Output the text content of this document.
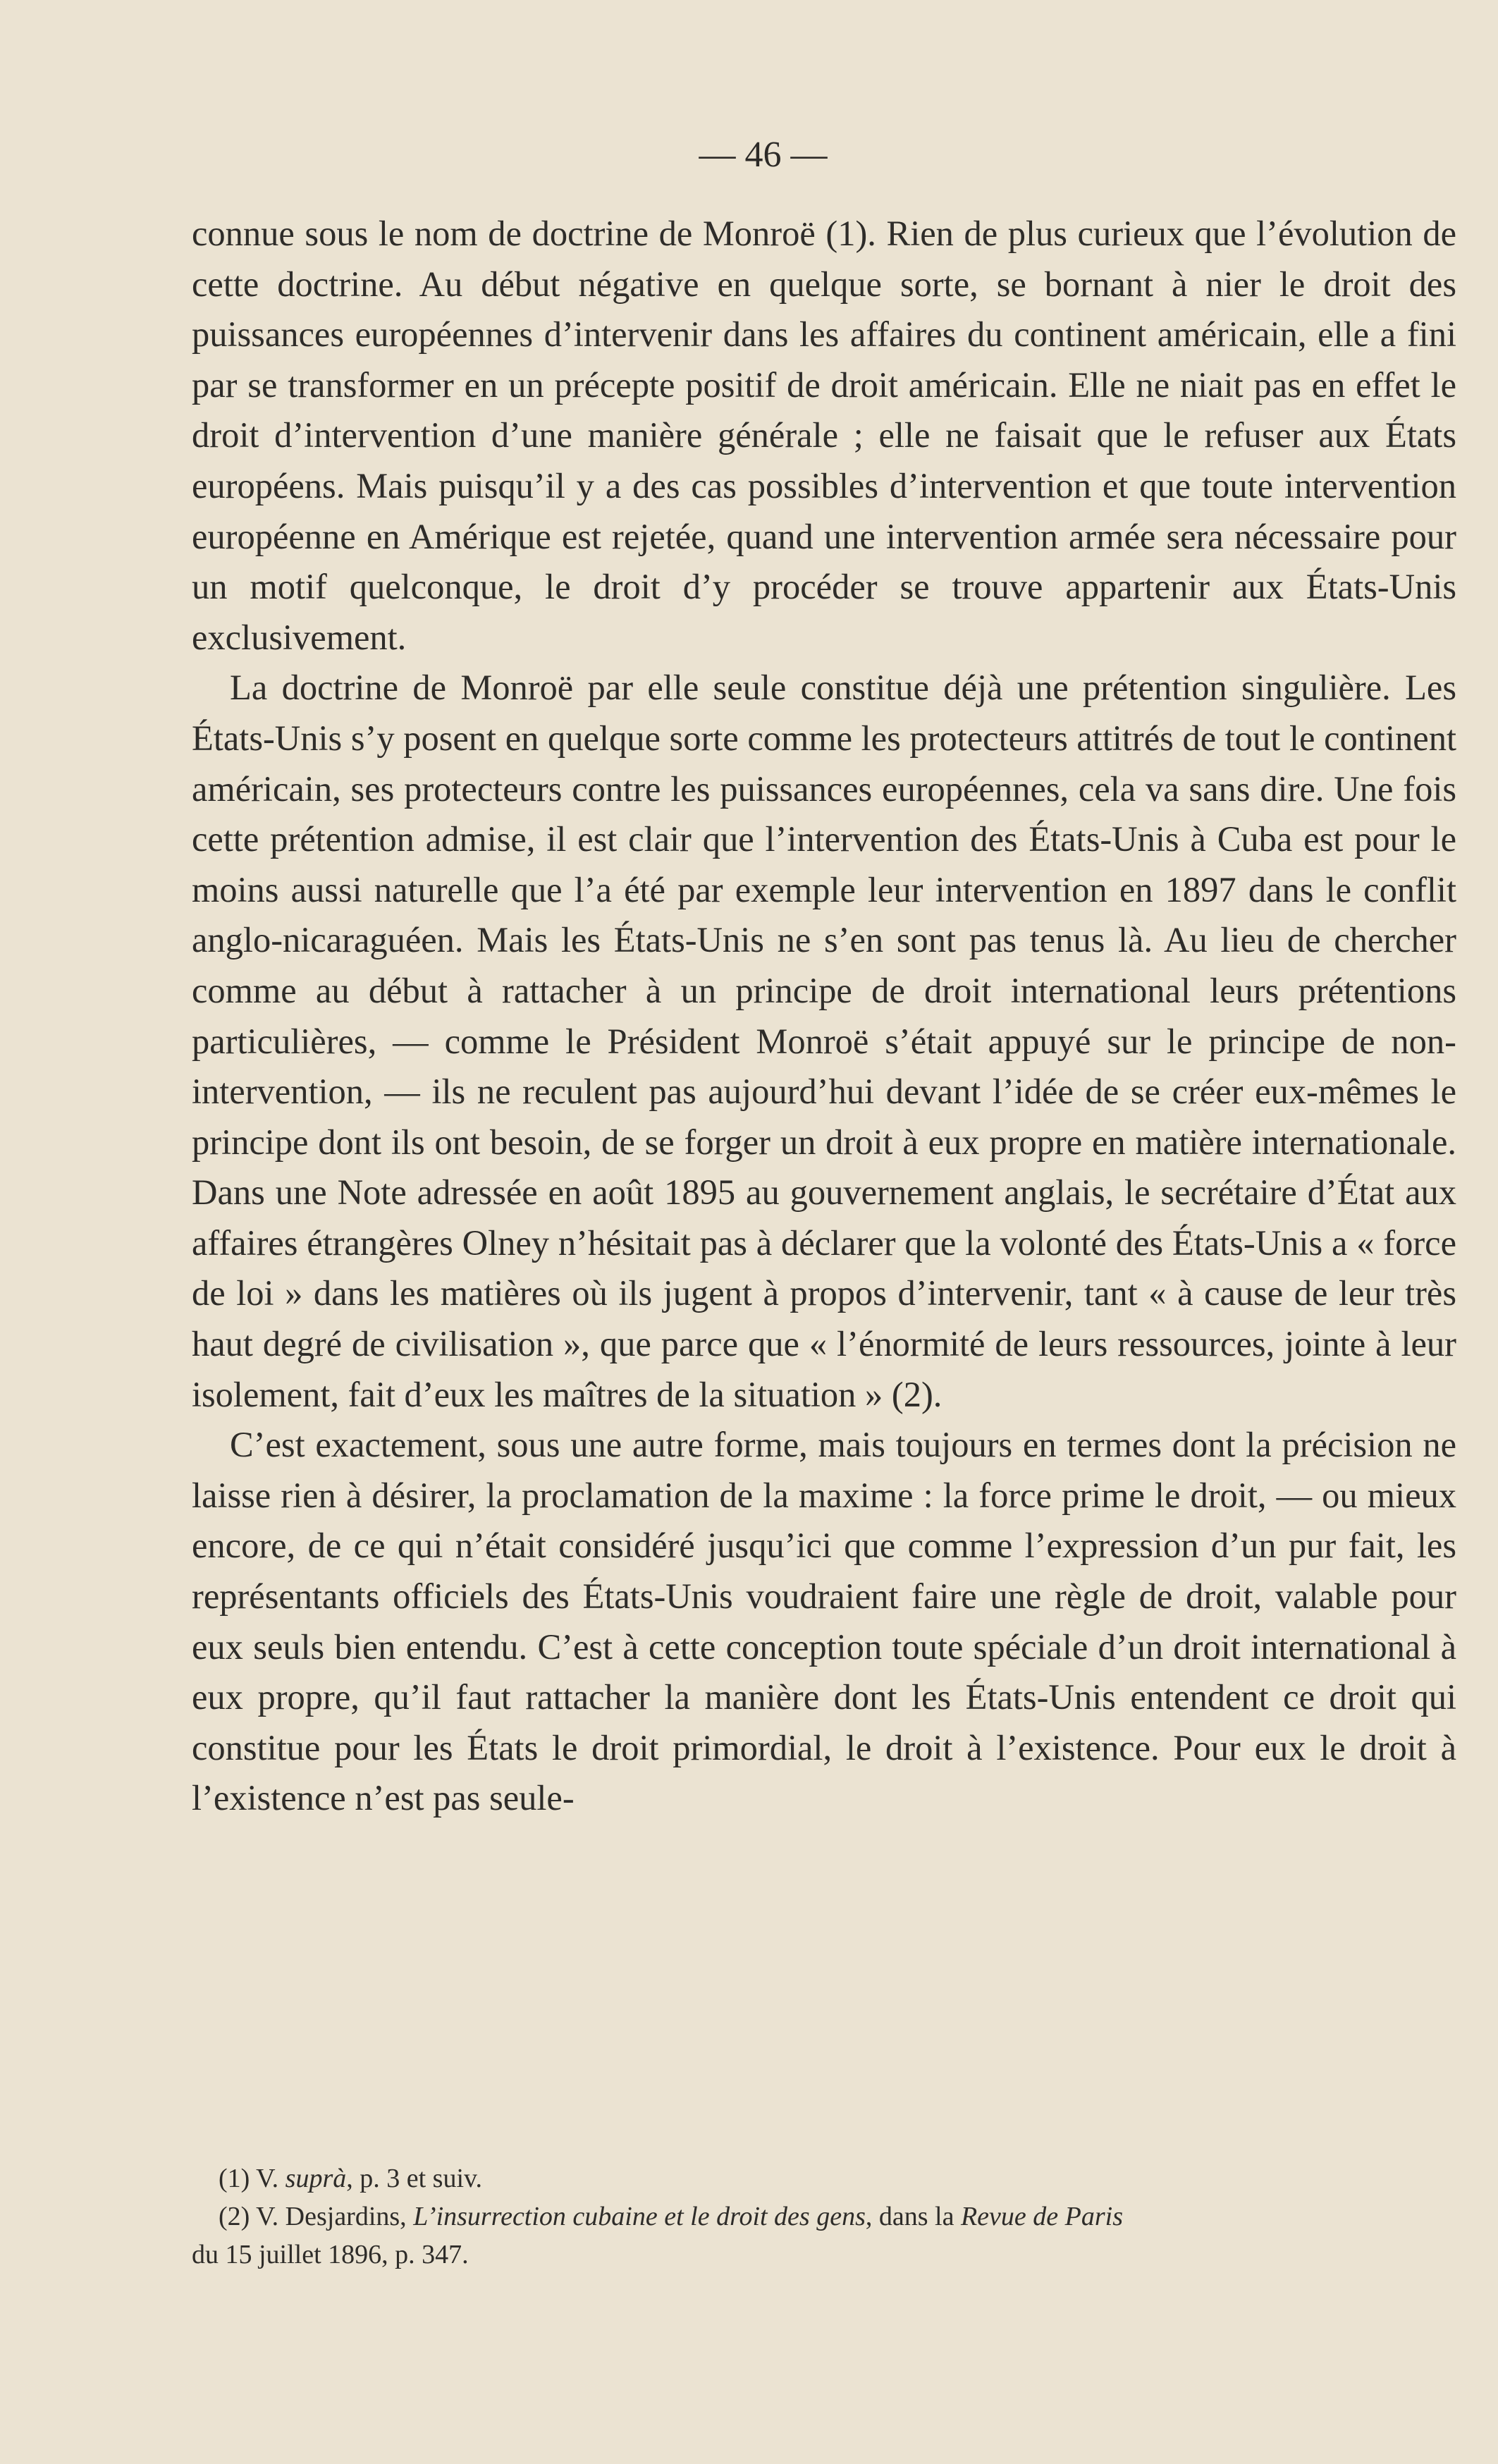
— 46 —

connue sous le nom de doctrine de Monroë (1). Rien de plus curieux que l’évolution de cette doctrine. Au début négative en quelque sorte, se bornant à nier le droit des puissances européennes d’intervenir dans les affaires du continent américain, elle a fini par se transformer en un précepte positif de droit américain. Elle ne niait pas en effet le droit d’intervention d’une manière générale ; elle ne faisait que le refuser aux États européens. Mais puisqu’il y a des cas possibles d’intervention et que toute intervention européenne en Amérique est rejetée, quand une intervention armée sera nécessaire pour un motif quelconque, le droit d’y procéder se trouve appartenir aux États-Unis exclusivement.

La doctrine de Monroë par elle seule constitue déjà une prétention singulière. Les États-Unis s’y posent en quelque sorte comme les protecteurs attitrés de tout le continent américain, ses protecteurs contre les puissances européennes, cela va sans dire. Une fois cette prétention admise, il est clair que l’intervention des États-Unis à Cuba est pour le moins aussi naturelle que l’a été par exemple leur intervention en 1897 dans le conflit anglo-nicaraguéen. Mais les États-Unis ne s’en sont pas tenus là. Au lieu de chercher comme au début à rattacher à un principe de droit international leurs prétentions particulières, — comme le Président Monroë s’était appuyé sur le principe de non-intervention, — ils ne reculent pas aujourd’hui devant l’idée de se créer eux-mêmes le principe dont ils ont besoin, de se forger un droit à eux propre en matière internationale. Dans une Note adressée en août 1895 au gouvernement anglais, le secrétaire d’État aux affaires étrangères Olney n’hésitait pas à déclarer que la volonté des États-Unis a « force de loi » dans les matières où ils jugent à propos d’intervenir, tant « à cause de leur très haut degré de civilisation », que parce que « l’énormité de leurs ressources, jointe à leur isolement, fait d’eux les maîtres de la situation » (2).

C’est exactement, sous une autre forme, mais toujours en termes dont la précision ne laisse rien à désirer, la proclamation de la maxime : la force prime le droit, — ou mieux encore, de ce qui n’était considéré jusqu’ici que comme l’expression d’un pur fait, les représentants officiels des États-Unis voudraient faire une règle de droit, valable pour eux seuls bien entendu. C’est à cette conception toute spéciale d’un droit international à eux propre, qu’il faut rattacher la manière dont les États-Unis entendent ce droit qui constitue pour les États le droit primordial, le droit à l’existence. Pour eux le droit à l’existence n’est pas seule-

(1) V. suprà, p. 3 et suiv.

(2) V. Desjardins, L’insurrection cubaine et le droit des gens, dans la Revue de Paris

du 15 juillet 1896, p. 347.
